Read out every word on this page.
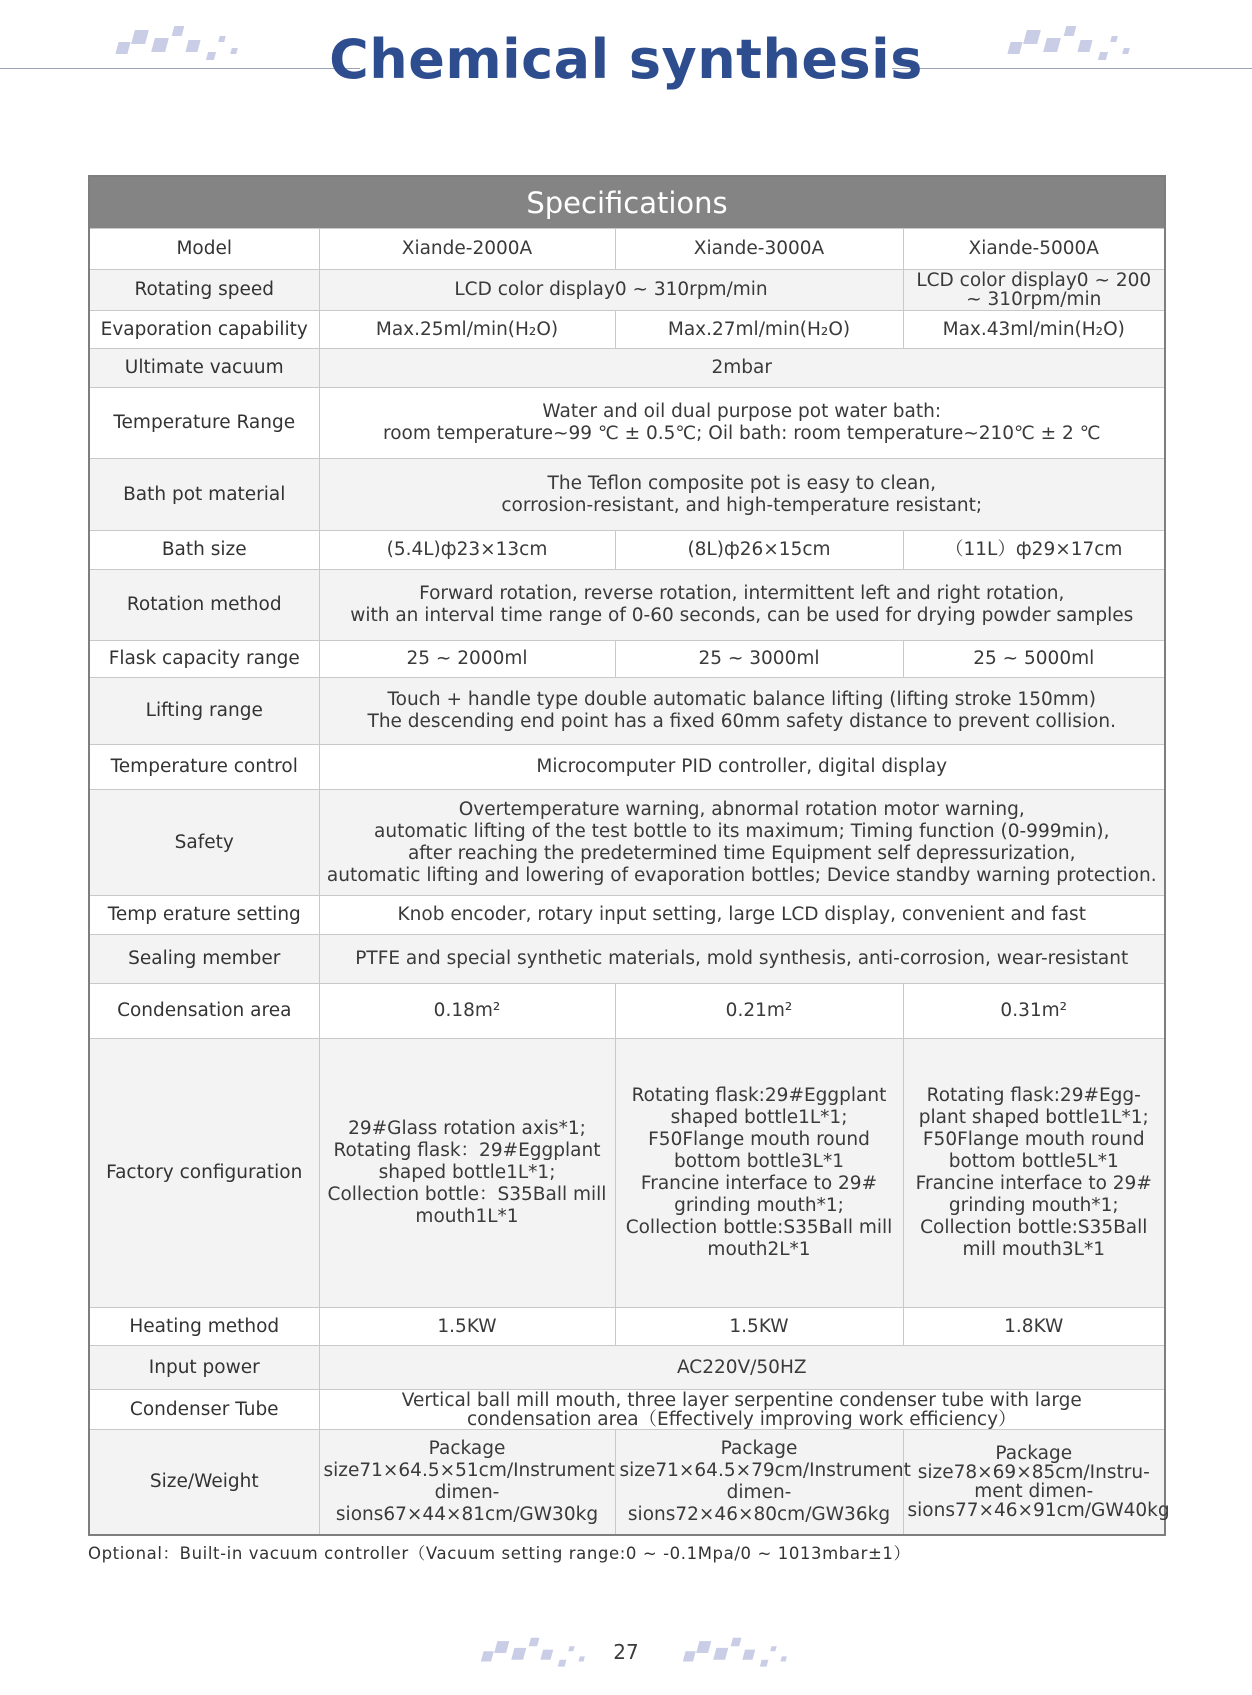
Chemical synthesis
Specifications			
Model	Xiande-2000A	Xiande-3000A	Xiande-5000A
Rotating speed	LCD color display0 ~ 310rpm/min		LCD color display0 ~ 200 ~ 310rpm/min
Evaporation capability	Max.25ml/min(H₂O)	Max.27ml/min(H₂O)	Max.43ml/min(H₂O)
Ultimate vacuum	2mbar		
Temperature Range	Water and oil dual purpose pot water bath:
room temperature~99 ℃ ± 0.5℃; Oil bath: room temperature~210℃ ± 2 ℃		
Bath pot material	The Teflon composite pot is easy to clean,
corrosion-resistant, and high-temperature resistant;		
Bath size	(5.4L)ф23×13cm	(8L)ф26×15cm	（11L）ф29×17cm
Rotation method	Forward rotation, reverse rotation, intermittent left and right rotation,
with an interval time range of 0-60 seconds, can be used for drying powder samples		
Flask capacity range	25 ~ 2000ml	25 ~ 3000ml	25 ~ 5000ml
Lifting range	Touch + handle type double automatic balance lifting (lifting stroke 150mm)
The descending end point has a fixed 60mm safety distance to prevent collision.		
Temperature control	Microcomputer PID controller, digital display		
Safety	Overtemperature warning, abnormal rotation motor warning,
automatic lifting of the test bottle to its maximum; Timing function (0-999min),
after reaching the predetermined time Equipment self depressurization,
automatic lifting and lowering of evaporation bottles; Device standby warning protection.		
Temp erature setting	Knob encoder, rotary input setting, large LCD display, convenient and fast		
Sealing member	PTFE and special synthetic materials, mold synthesis, anti-corrosion, wear-resistant		
Condensation area	0.18m²	0.21m²	0.31m²
Factory configuration	29#Glass rotation axis*1;
Rotating flask：29#Eggplant shaped bottle1L*1;
Collection bottle：S35Ball mill mouth1L*1	Rotating flask:29#Eggplant shaped bottle1L*1;
F50Flange mouth round bottom bottle3L*1
Francine interface to 29# grinding mouth*1;
Collection bottle:S35Ball mill mouth2L*1	Rotating flask:29#Egg-plant shaped bottle1L*1;
F50Flange mouth round bottom bottle5L*1
Francine interface to 29# grinding mouth*1;
Collection bottle:S35Ball mill mouth3L*1
Heating method	1.5KW	1.5KW	1.8KW
Input power	AC220V/50HZ		
Condenser Tube	Vertical ball mill mouth, three layer serpentine condenser tube with large
condensation area（Effectively improving work efficiency）		
Size/Weight	Package size71×64.5×51cm/Instrument dimen-sions67×44×81cm/GW30kg	Package size71×64.5×79cm/Instrument dimen-sions72×46×80cm/GW36kg	Package size78×69×85cm/Instru-ment dimen-sions77×46×91cm/GW40kg
Optional：Built-in vacuum controller（Vacuum setting range:0 ~ -0.1Mpa/0 ~ 1013mbar±1）
27
